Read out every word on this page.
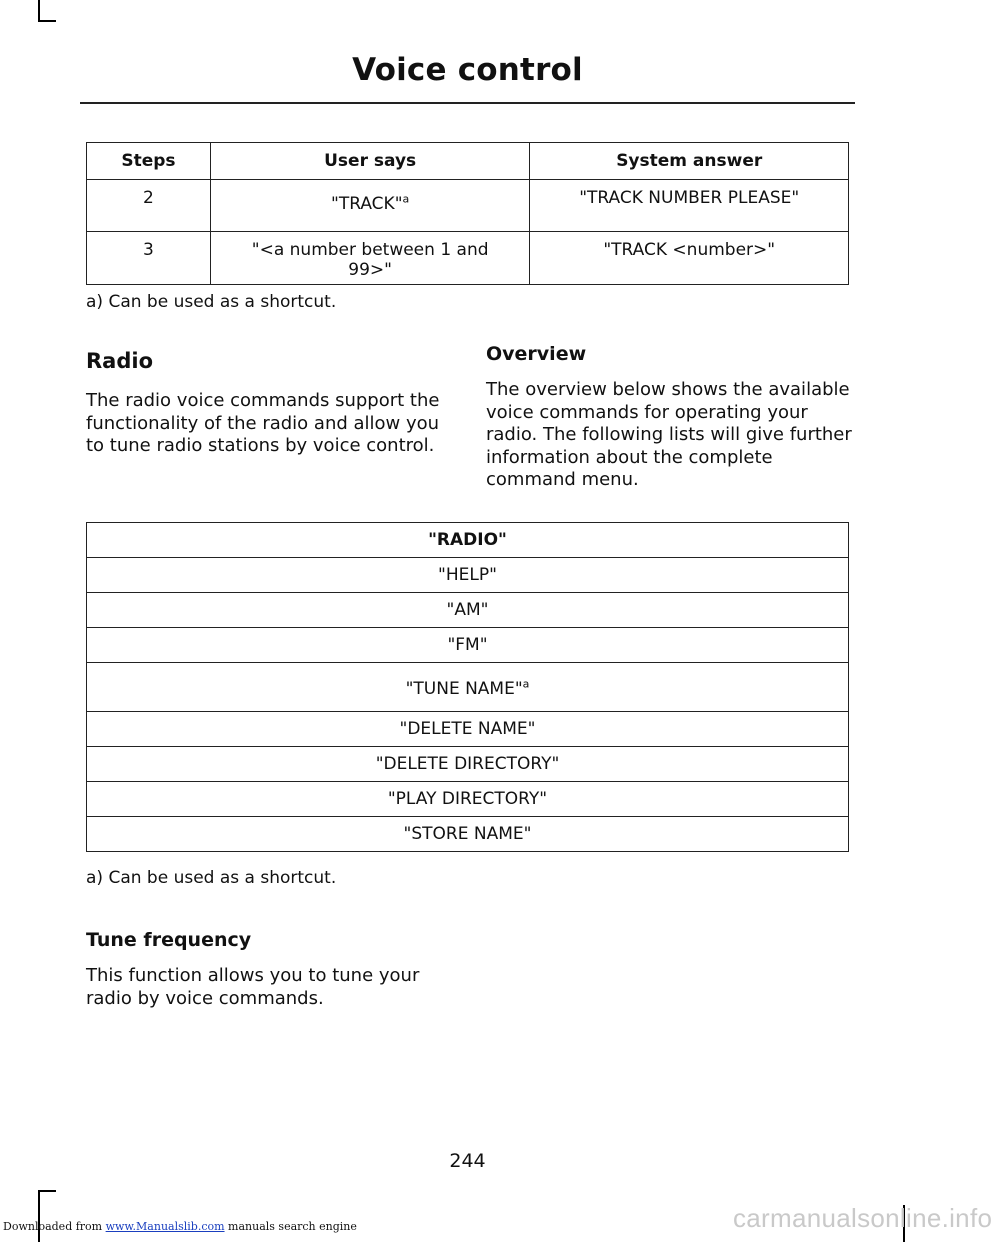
Voice control
Steps	User says	System answer
2	"TRACK"$^a$	"TRACK NUMBER PLEASE"
3	"<a number between 1 and 99>"	"TRACK <number>"
a) Can be used as a shortcut.
Radio

The radio voice commands support the functionality of the radio and allow you to tune radio stations by voice control.

Overview

The overview below shows the available voice commands for operating your radio. The following lists will give further information about the complete command menu.

"RADIO"
"HELP"
"AM"
"FM"
"TUNE NAME"$^a$
"DELETE NAME"
"DELETE DIRECTORY"
"PLAY DIRECTORY"
"STORE NAME"
a) Can be used as a shortcut.
Tune frequency

This function allows you to tune your radio by voice commands.

244
Downloaded from www.Manualslib.com manuals search engine	carmanualsonline.info
